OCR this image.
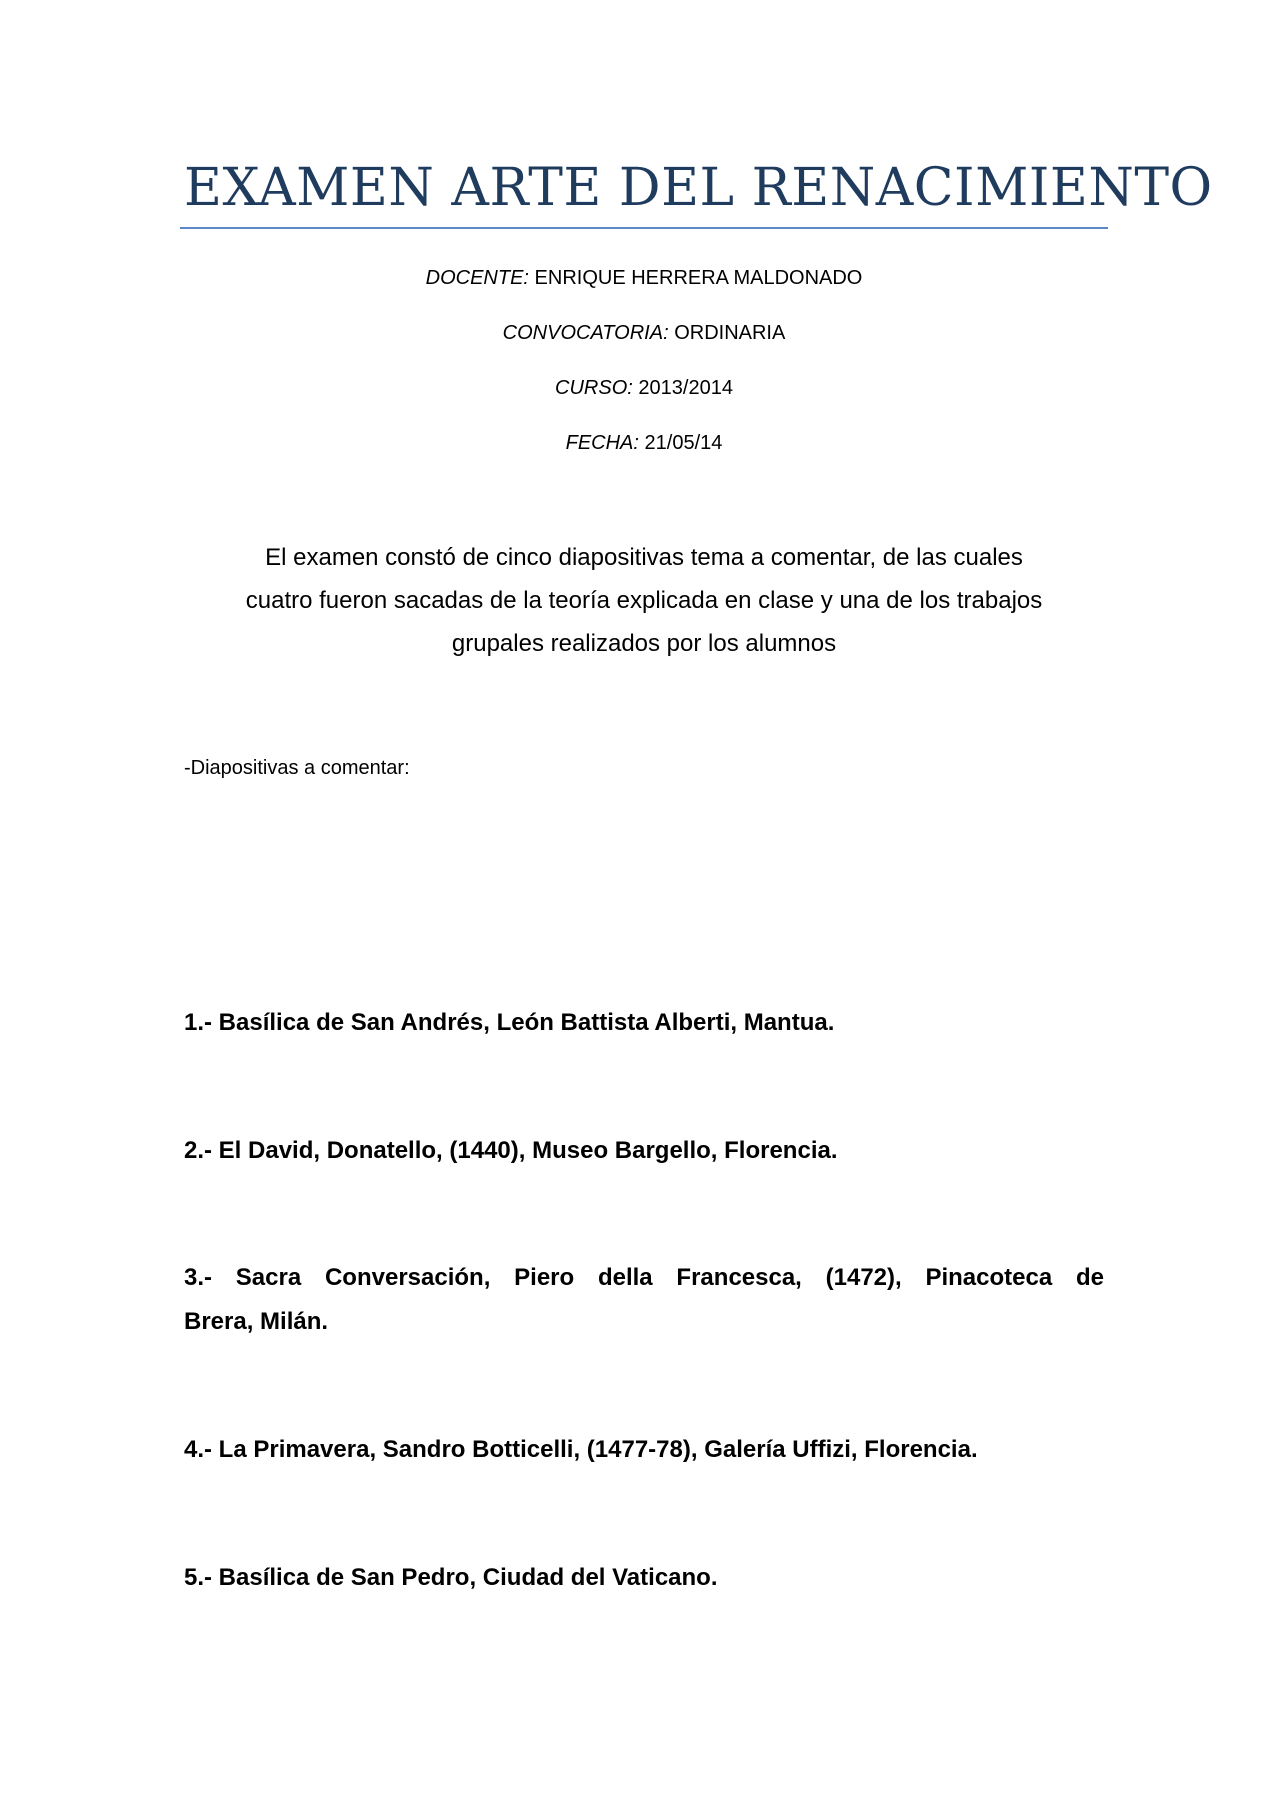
EXAMEN ARTE DEL RENACIMIENTO
DOCENTE: ENRIQUE HERRERA MALDONADO
CONVOCATORIA: ORDINARIA
CURSO: 2013/2014
FECHA: 21/05/14

El examen constó de cinco diapositivas tema a comentar, de las cuales
cuatro fueron sacadas de la teoría explicada en clase y una de los trabajos
grupales realizados por los alumnos

-Diapositivas a comentar:
1.- Basílica de San Andrés, León Battista Alberti, Mantua.
2.- El David, Donatello, (1440), Museo Bargello, Florencia.
3.- Sacra Conversación, Piero della Francesca, (1472), Pinacoteca de
Brera, Milán.
4.- La Primavera, Sandro Botticelli, (1477-78), Galería Uffizi, Florencia.
5.- Basílica de San Pedro, Ciudad del Vaticano.
